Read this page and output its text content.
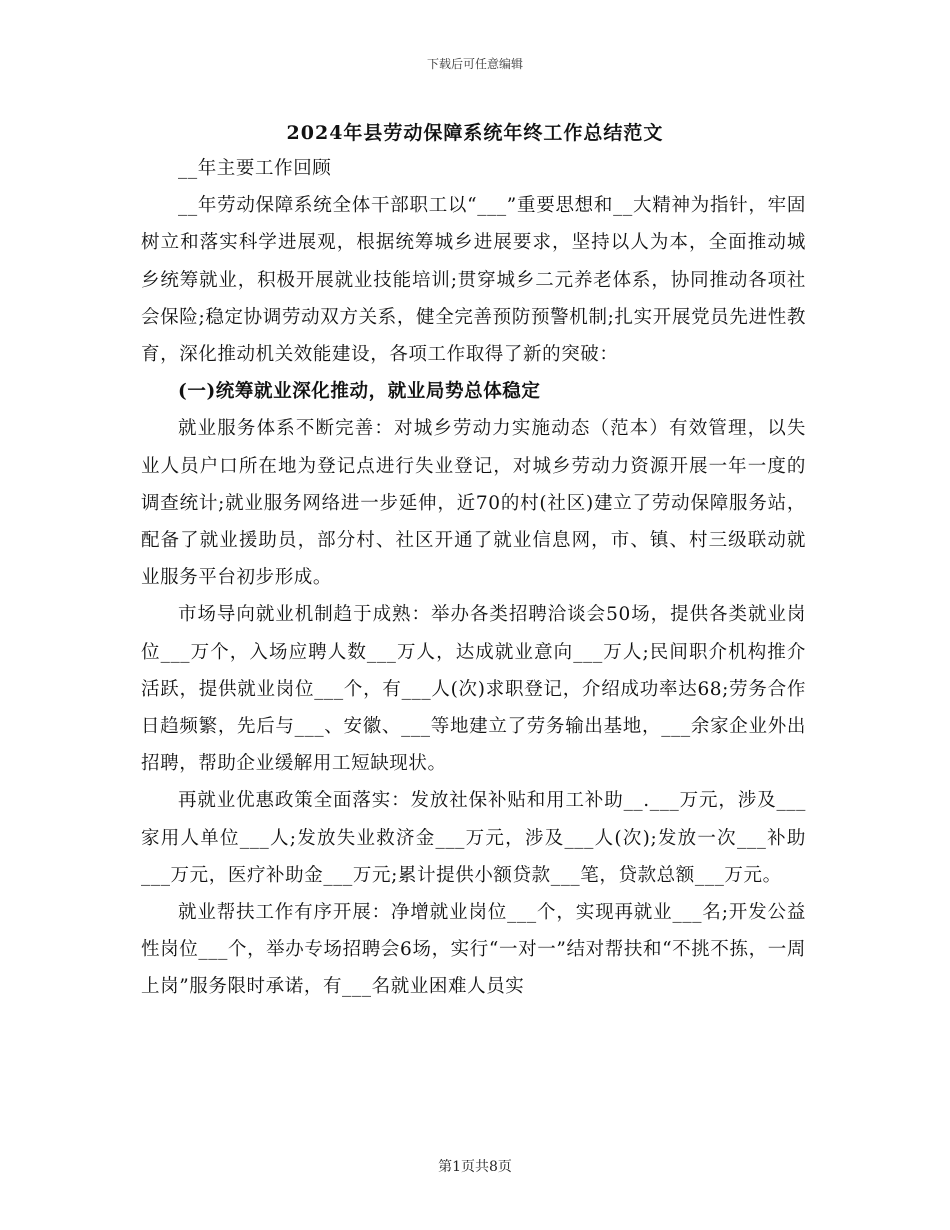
下载后可任意编辑
2024年县劳动保障系统年终工作总结范文

__年主要工作回顾

__年劳动保障系统全体干部职工以“___”重要思想和__大精神为指针，牢固树立和落实科学进展观，根据统筹城乡进展要求，坚持以人为本，全面推动城乡统筹就业，积极开展就业技能培训;贯穿城乡二元养老体系，协同推动各项社会保险;稳定协调劳动双方关系，健全完善预防预警机制;扎实开展党员先进性教育，深化推动机关效能建设，各项工作取得了新的突破：

(一)统筹就业深化推动，就业局势总体稳定

就业服务体系不断完善：对城乡劳动力实施动态（范本）有效管理，以失业人员户口所在地为登记点进行失业登记，对城乡劳动力资源开展一年一度的调查统计;就业服务网络进一步延伸，近70的村(社区)建立了劳动保障服务站，配备了就业援助员，部分村、社区开通了就业信息网，市、镇、村三级联动就业服务平台初步形成。

市场导向就业机制趋于成熟：举办各类招聘洽谈会50场，提供各类就业岗位___万个，入场应聘人数___万人，达成就业意向___万人;民间职介机构推介活跃，提供就业岗位___个，有___人(次)求职登记，介绍成功率达68;劳务合作日趋频繁，先后与___、安徽、___等地建立了劳务输出基地，___余家企业外出招聘，帮助企业缓解用工短缺现状。

再就业优惠政策全面落实：发放社保补贴和用工补助__.___万元，涉及___家用人单位___人;发放失业救济金___万元，涉及___人(次);发放一次___补助___万元，医疗补助金___万元;累计提供小额贷款___笔，贷款总额___万元。

就业帮扶工作有序开展：净增就业岗位___个，实现再就业___名;开发公益性岗位___个，举办专场招聘会6场，实行“一对一”结对帮扶和“不挑不拣，一周上岗”服务限时承诺，有___名就业困难人员实

第1页共8页
